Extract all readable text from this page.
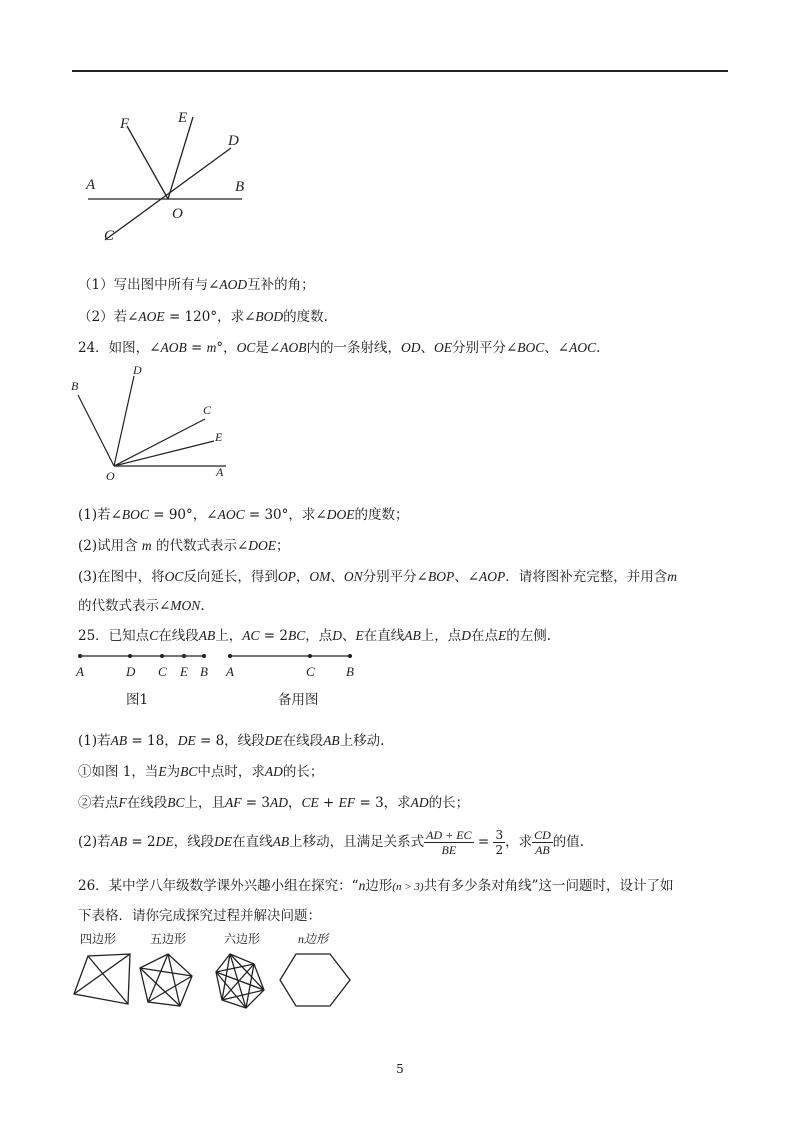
F	E
D
A	B
O
C
（1）写出图中所有与∠AOD互补的角；
（2）若∠AOE = 120°，求∠BOD的度数.
24．如图，∠AOB = m°，OC是∠AOB内的一条射线，OD、OE分别平分∠BOC、∠AOC.
B
D
C
E
O	A
(1)若∠BOC = 90°，∠AOC = 30°，求∠DOE的度数；
(2)试用含 m 的代数式表示∠DOE；
(3)在图中，将OC反向延长，得到OP，OM、ON分别平分∠BOP、∠AOP．请将图补充完整，并用含m
的代数式表示∠MON.
25．已知点C在线段AB上，AC = 2BC，点D、E在直线AB上，点D在点E的左侧.
A	D C E B A	C B
图1	备用图
(1)若AB = 18，DE = 8，线段DE在线段AB上移动.
①如图 1，当E为BC中点时，求AD的长；
②若点F在线段BC上，且AF = 3AD，CE + EF = 3，求AD的长；
(2)若AB = 2DE，线段DE在直线AB上移动，且满足关系式 $\frac{AD + EC}{BE} = \frac{3}{2}$ ，求 $\frac{CD}{AB}$ 的值.
26．某中学八年级数学课外兴趣小组在探究：“n边形(n > 3)共有多少条对角线”这一问题时，设计了如
下表格．请你完成探究过程并解决问题：
四边形	五边形	六边形	n边形
5
